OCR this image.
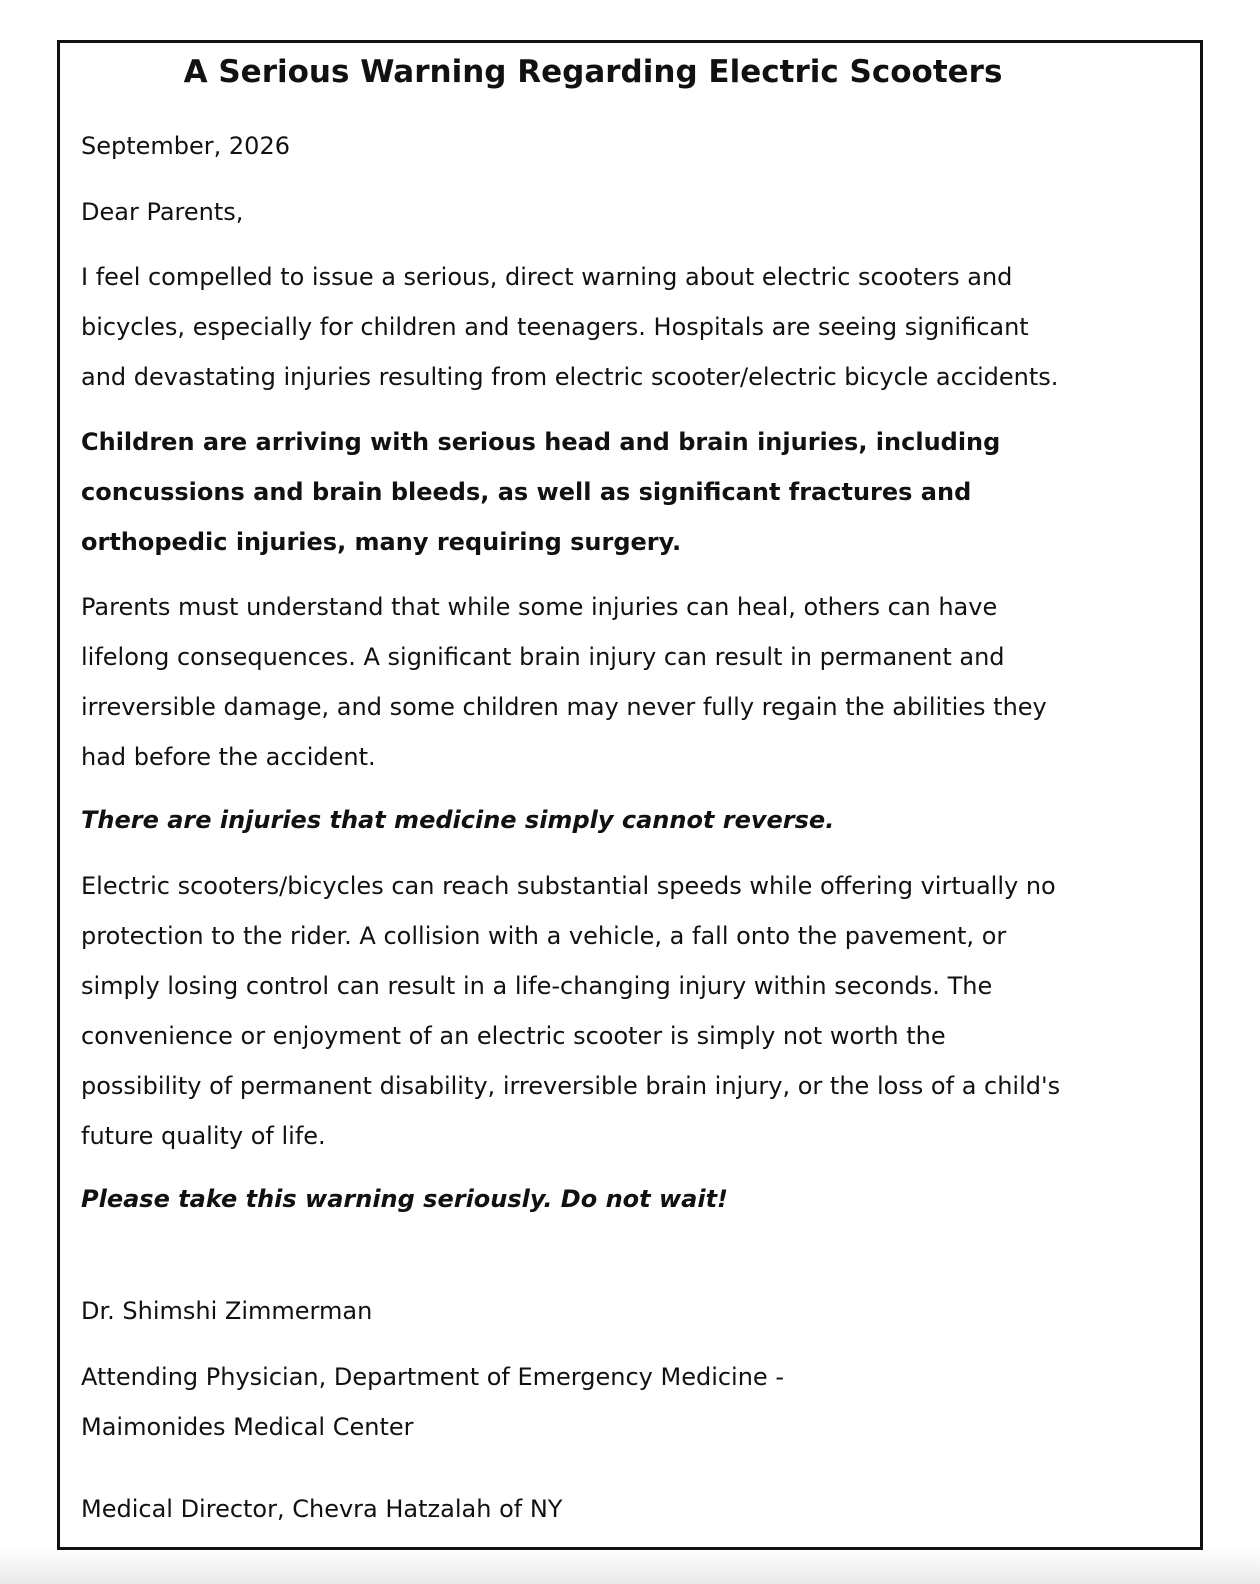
A Serious Warning Regarding Electric Scooters

September, 2026

Dear Parents,

I feel compelled to issue a serious, direct warning about electric scooters and
bicycles, especially for children and teenagers. Hospitals are seeing significant
and devastating injuries resulting from electric scooter/electric bicycle accidents.

Children are arriving with serious head and brain injuries, including
concussions and brain bleeds, as well as significant fractures and
orthopedic injuries, many requiring surgery.

Parents must understand that while some injuries can heal, others can have
lifelong consequences. A significant brain injury can result in permanent and
irreversible damage, and some children may never fully regain the abilities they
had before the accident.

There are injuries that medicine simply cannot reverse.

Electric scooters/bicycles can reach substantial speeds while offering virtually no
protection to the rider. A collision with a vehicle, a fall onto the pavement, or
simply losing control can result in a life-changing injury within seconds. The
convenience or enjoyment of an electric scooter is simply not worth the
possibility of permanent disability, irreversible brain injury, or the loss of a child's
future quality of life.

Please take this warning seriously. Do not wait!

Dr. Shimshi Zimmerman

Attending Physician, Department of Emergency Medicine -
Maimonides Medical Center

Medical Director, Chevra Hatzalah of NY
